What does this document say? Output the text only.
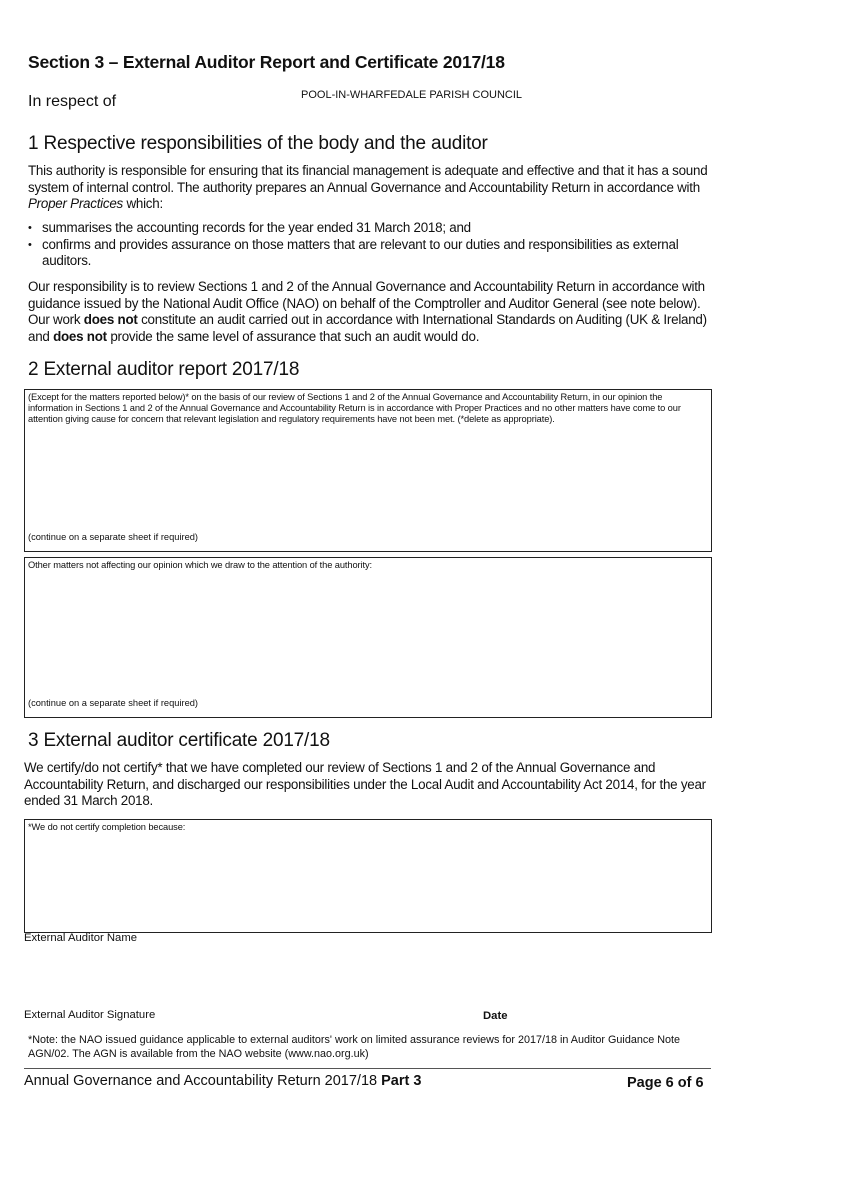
Section 3 – External Auditor Report and Certificate 2017/18
In respect of	POOL-IN-WHARFEDALE PARISH COUNCIL
1 Respective responsibilities of the body and the auditor
This authority is responsible for ensuring that its financial management is adequate and effective and that it has a sound system of internal control. The authority prepares an Annual Governance and Accountability Return in accordance with Proper Practices which:
• summarises the accounting records for the year ended 31 March 2018; and
• confirms and provides assurance on those matters that are relevant to our duties and responsibilities as external auditors.
Our responsibility is to review Sections 1 and 2 of the Annual Governance and Accountability Return in accordance with guidance issued by the National Audit Office (NAO) on behalf of the Comptroller and Auditor General (see note below). Our work does not constitute an audit carried out in accordance with International Standards on Auditing (UK & Ireland) and does not provide the same level of assurance that such an audit would do.
2 External auditor report 2017/18
(Except for the matters reported below)* on the basis of our review of Sections 1 and 2 of the Annual Governance and Accountability Return, in our opinion the information in Sections 1 and 2 of the Annual Governance and Accountability Return is in accordance with Proper Practices and no other matters have come to our attention giving cause for concern that relevant legislation and regulatory requirements have not been met. (*delete as appropriate).
(continue on a separate sheet if required)
Other matters not affecting our opinion which we draw to the attention of the authority:
(continue on a separate sheet if required)
3 External auditor certificate 2017/18
We certify/do not certify* that we have completed our review of Sections 1 and 2 of the Annual Governance and Accountability Return, and discharged our responsibilities under the Local Audit and Accountability Act 2014, for the year ended 31 March 2018.
*We do not certify completion because:
External Auditor Name
External Auditor Signature	Date
*Note: the NAO issued guidance applicable to external auditors' work on limited assurance reviews for 2017/18 in Auditor Guidance Note AGN/02. The AGN is available from the NAO website (www.nao.org.uk)
Annual Governance and Accountability Return 2017/18 Part 3	Page 6 of 6
